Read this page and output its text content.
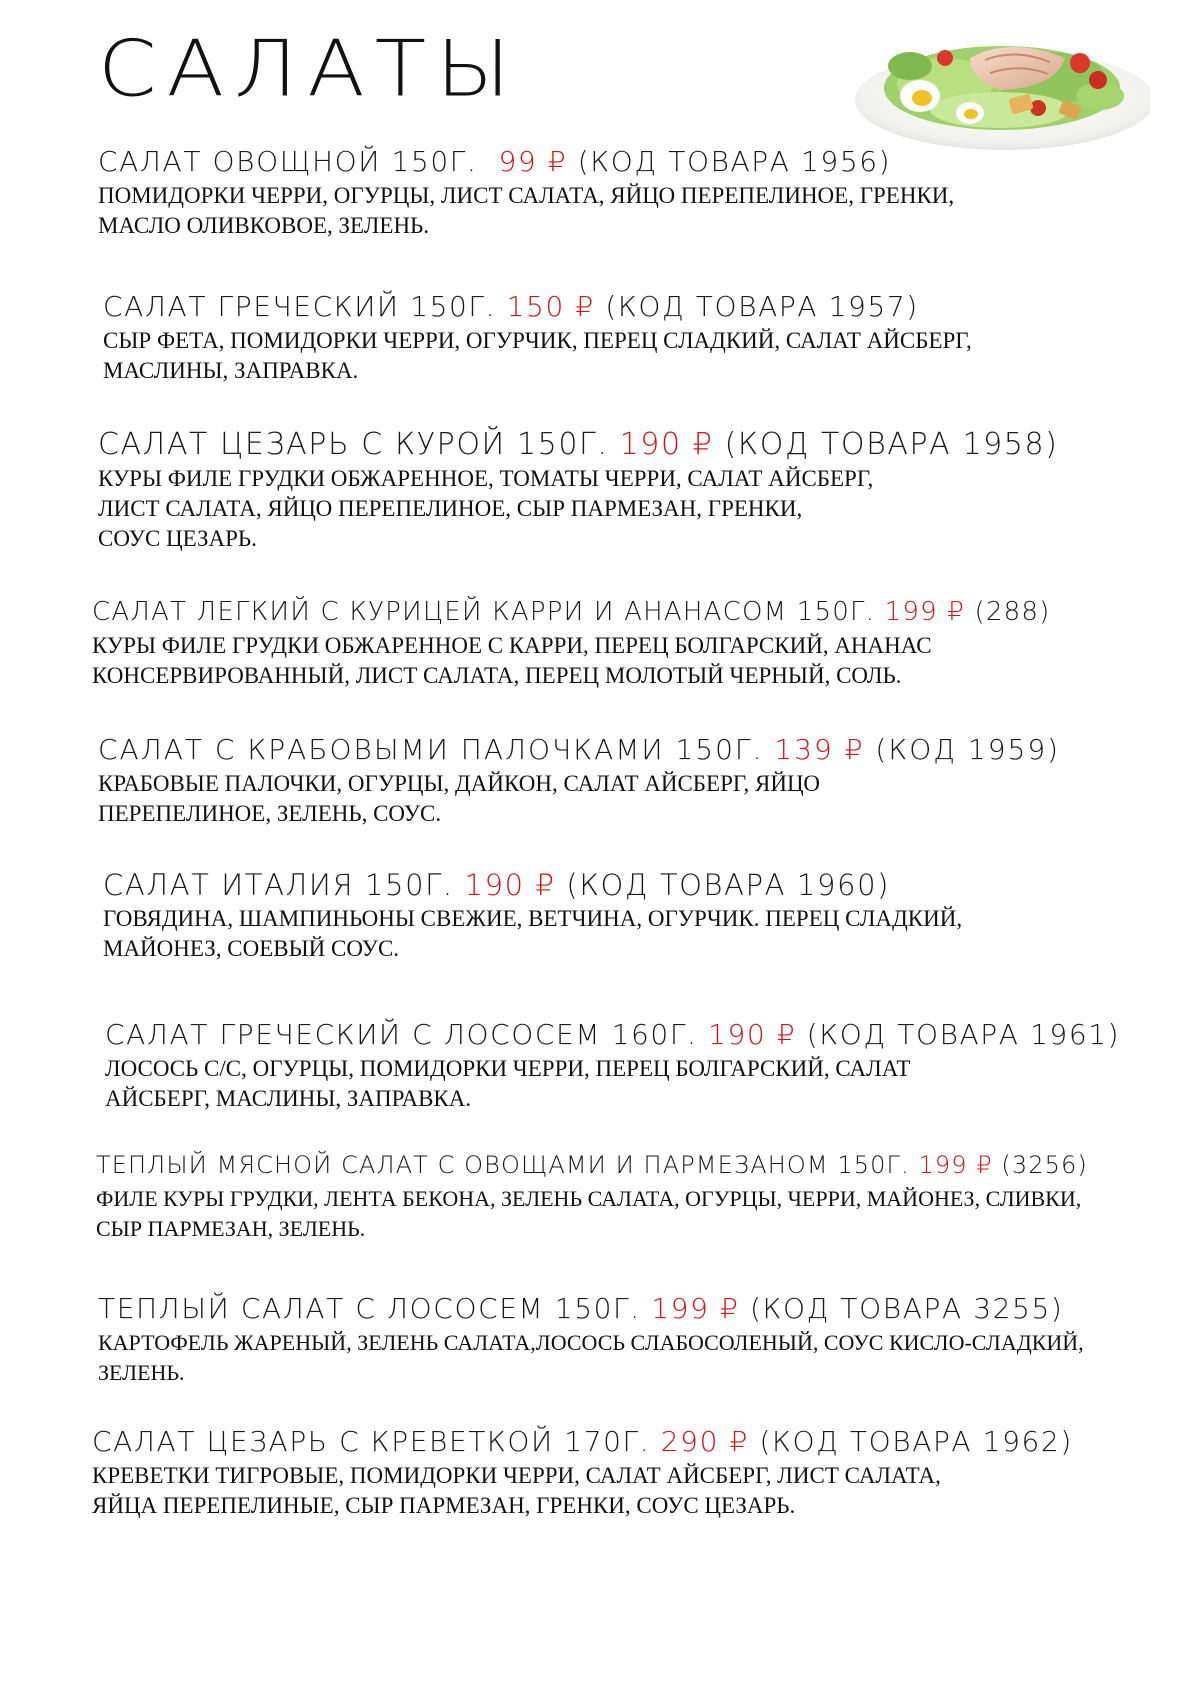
САЛАТЫ
САЛАТ ОВОЩНОЙ 150Г. 99 ₽ (КОД ТОВАРА 1956)
ПОМИДОРКИ ЧЕРРИ, ОГУРЦЫ, ЛИСТ САЛАТА, ЯЙЦО ПЕРЕПЕЛИНОЕ, ГРЕНКИ,
МАСЛО ОЛИВКОВОЕ, ЗЕЛЕНЬ.
САЛАТ ГРЕЧЕСКИЙ 150Г. 150 ₽ (КОД ТОВАРА 1957)
СЫР ФЕТА, ПОМИДОРКИ ЧЕРРИ, ОГУРЧИК, ПЕРЕЦ СЛАДКИЙ, САЛАТ АЙСБЕРГ,
МАСЛИНЫ, ЗАПРАВКА.
САЛАТ ЦЕЗАРЬ С КУРОЙ 150Г. 190 ₽ (КОД ТОВАРА 1958)
КУРЫ ФИЛЕ ГРУДКИ ОБЖАРЕННОЕ, ТОМАТЫ ЧЕРРИ, САЛАТ АЙСБЕРГ,
ЛИСТ САЛАТА, ЯЙЦО ПЕРЕПЕЛИНОЕ, СЫР ПАРМЕЗАН, ГРЕНКИ,
СОУС ЦЕЗАРЬ.
САЛАТ ЛЕГКИЙ С КУРИЦЕЙ КАРРИ И АНАНАСОМ 150Г. 199 ₽ (288)
КУРЫ ФИЛЕ ГРУДКИ ОБЖАРЕННОЕ С КАРРИ, ПЕРЕЦ БОЛГАРСКИЙ, АНАНАС
КОНСЕРВИРОВАННЫЙ, ЛИСТ САЛАТА, ПЕРЕЦ МОЛОТЫЙ ЧЕРНЫЙ, СОЛЬ.
САЛАТ С КРАБОВЫМИ ПАЛОЧКАМИ 150Г. 139 ₽ (КОД 1959)
КРАБОВЫЕ ПАЛОЧКИ, ОГУРЦЫ, ДАЙКОН, САЛАТ АЙСБЕРГ, ЯЙЦО
ПЕРЕПЕЛИНОЕ, ЗЕЛЕНЬ, СОУС.
САЛАТ ИТАЛИЯ 150Г. 190 ₽ (КОД ТОВАРА 1960)
ГОВЯДИНА, ШАМПИНЬОНЫ СВЕЖИЕ, ВЕТЧИНА, ОГУРЧИК. ПЕРЕЦ СЛАДКИЙ,
МАЙОНЕЗ, СОЕВЫЙ СОУС.
САЛАТ ГРЕЧЕСКИЙ С ЛОСОСЕМ 160Г. 190 ₽ (КОД ТОВАРА 1961)
ЛОСОСЬ С/С, ОГУРЦЫ, ПОМИДОРКИ ЧЕРРИ, ПЕРЕЦ БОЛГАРСКИЙ, САЛАТ
АЙСБЕРГ, МАСЛИНЫ, ЗАПРАВКА.
ТЕПЛЫЙ МЯСНОЙ САЛАТ С ОВОЩАМИ И ПАРМЕЗАНОМ 150Г. 199 ₽ (3256)
ФИЛЕ КУРЫ ГРУДКИ, ЛЕНТА БЕКОНА, ЗЕЛЕНЬ САЛАТА, ОГУРЦЫ, ЧЕРРИ, МАЙОНЕЗ, СЛИВКИ,
СЫР ПАРМЕЗАН, ЗЕЛЕНЬ.
ТЕПЛЫЙ САЛАТ С ЛОСОСЕМ 150Г. 199 ₽ (КОД ТОВАРА 3255)
КАРТОФЕЛЬ ЖАРЕНЫЙ, ЗЕЛЕНЬ САЛАТА,ЛОСОСЬ СЛАБОСОЛЕНЫЙ, СОУС КИСЛО-СЛАДКИЙ,
ЗЕЛЕНЬ.
САЛАТ ЦЕЗАРЬ С КРЕВЕТКОЙ 170Г. 290 ₽ (КОД ТОВАРА 1962)
КРЕВЕТКИ ТИГРОВЫЕ, ПОМИДОРКИ ЧЕРРИ, САЛАТ АЙСБЕРГ, ЛИСТ САЛАТА,
ЯЙЦА ПЕРЕПЕЛИНЫЕ, СЫР ПАРМЕЗАН, ГРЕНКИ, СОУС ЦЕЗАРЬ.
